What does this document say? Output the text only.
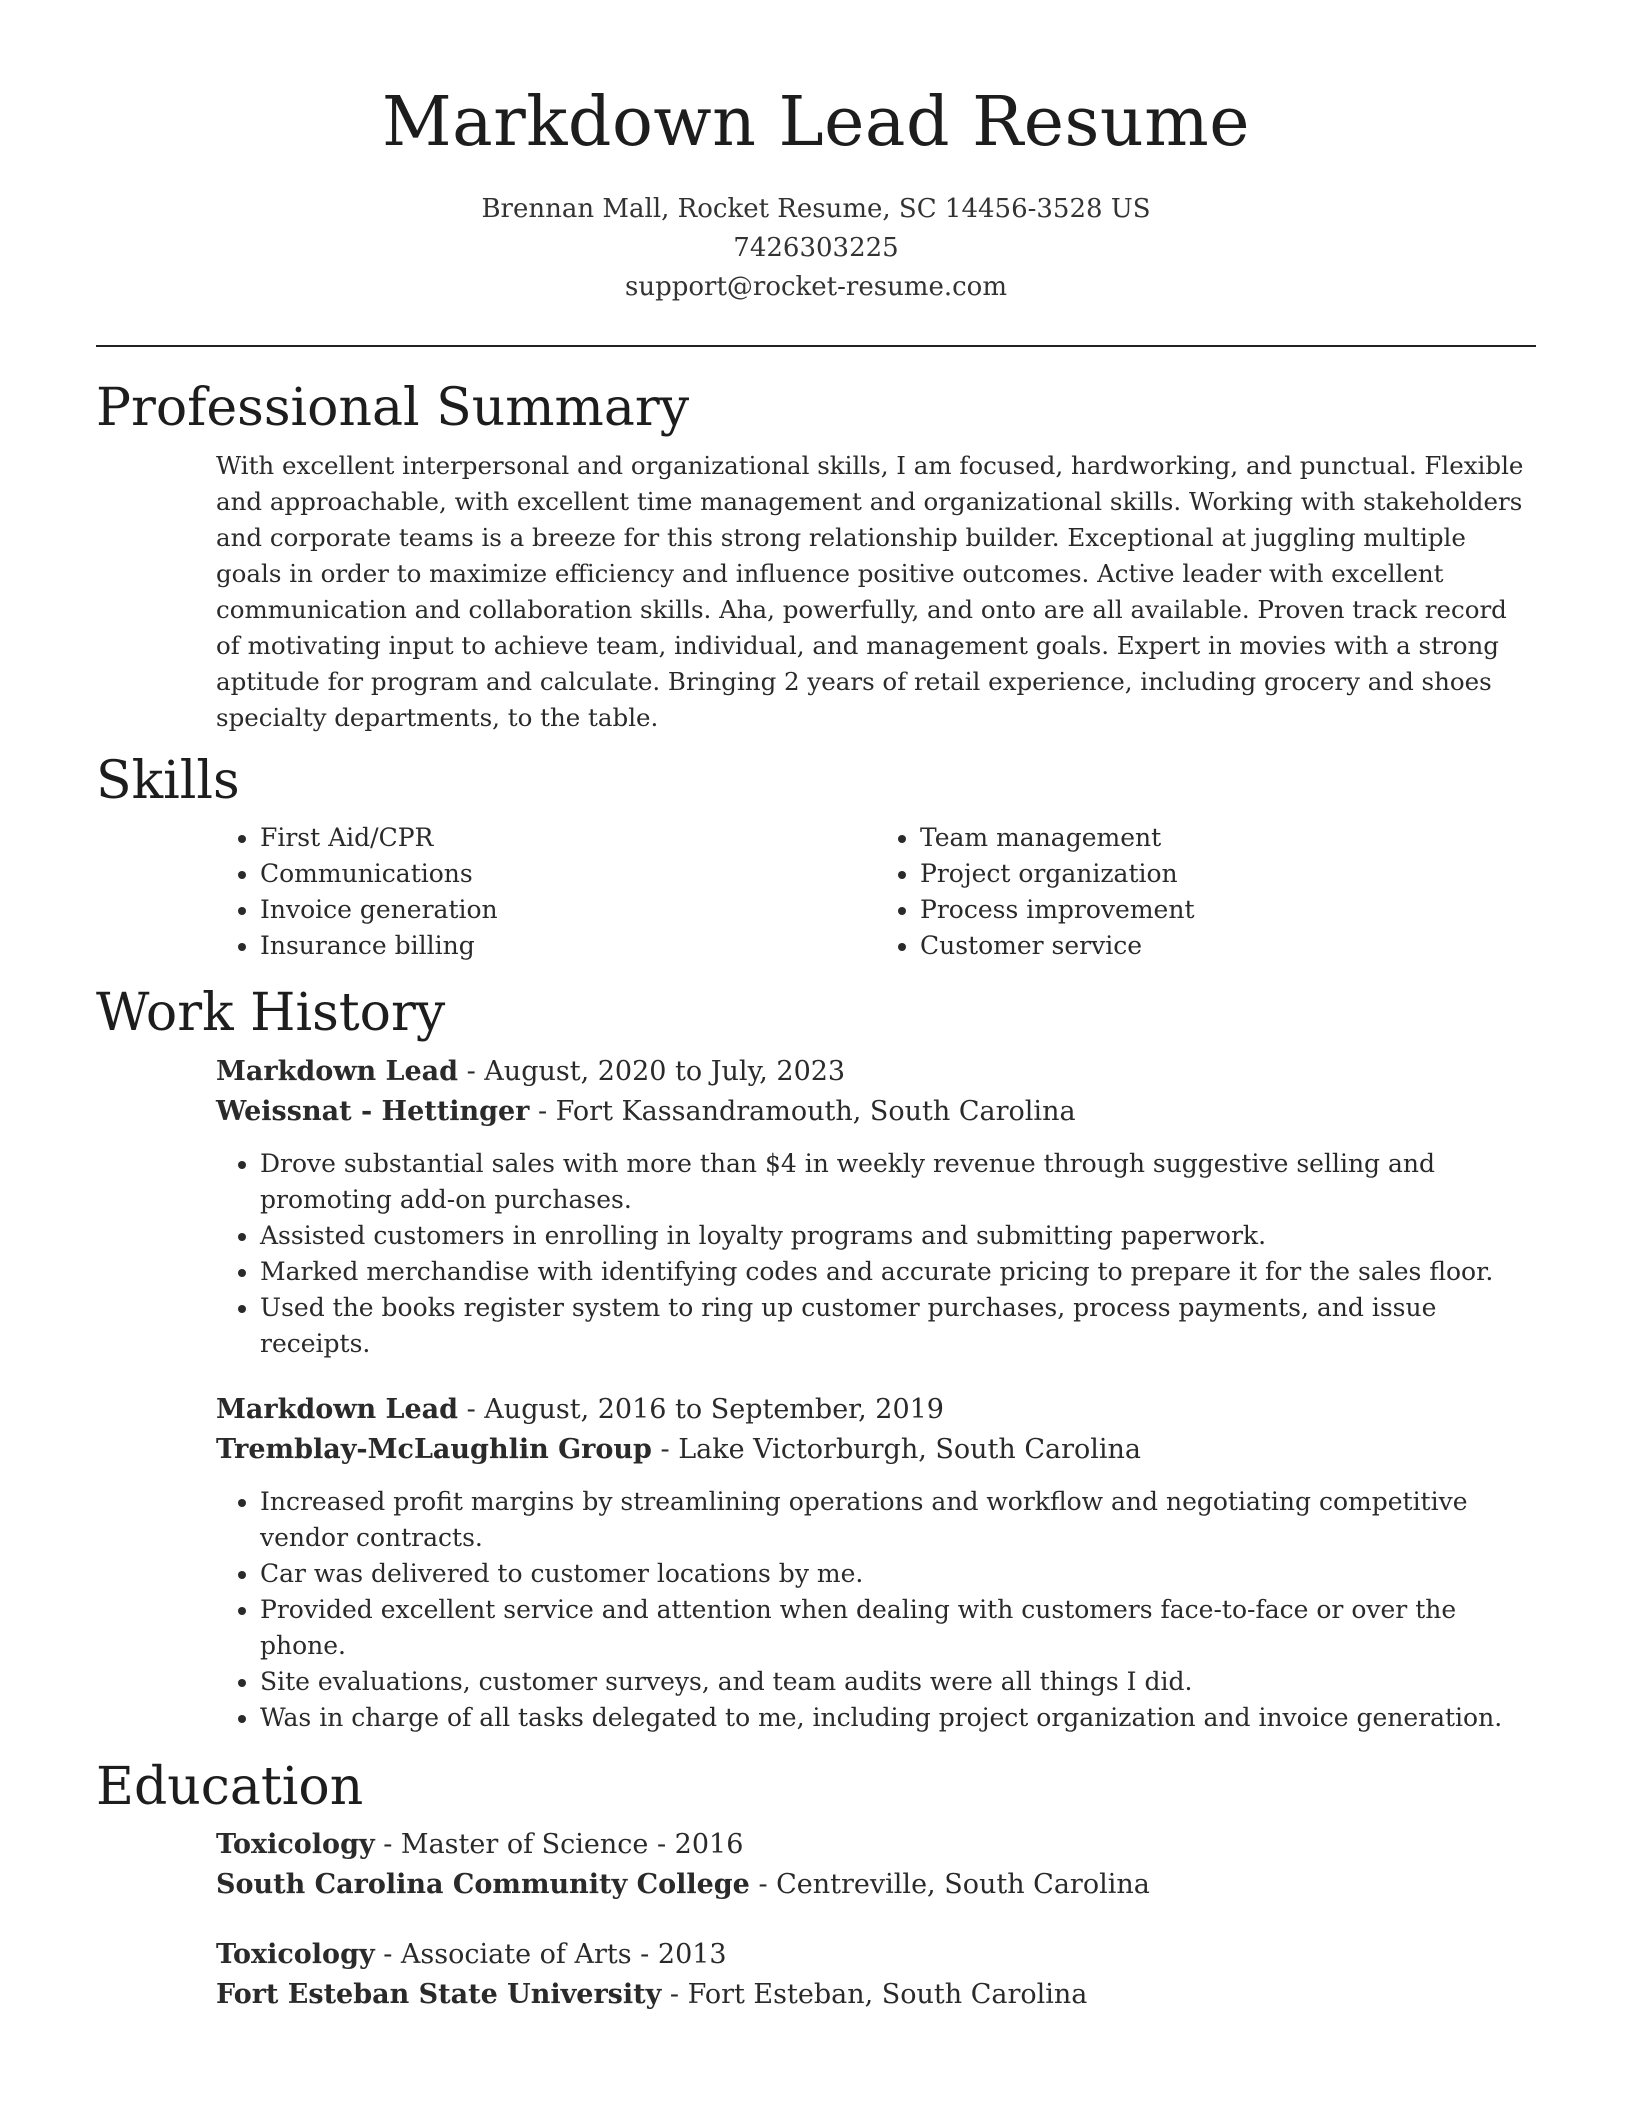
Markdown Lead Resume
Brennan Mall, Rocket Resume, SC 14456-3528 US
7426303225
support@rocket-resume.com
Professional Summary

With excellent interpersonal and organizational skills, I am focused, hardworking, and punctual. Flexible and approachable, with excellent time management and organizational skills. Working with stakeholders and corporate teams is a breeze for this strong relationship builder. Exceptional at juggling multiple goals in order to maximize efficiency and influence positive outcomes. Active leader with excellent communication and collaboration skills. Aha, powerfully, and onto are all available. Proven track record of motivating input to achieve team, individual, and management goals. Expert in movies with a strong aptitude for program and calculate. Bringing 2 years of retail experience, including grocery and shoes specialty departments, to the table.

Skills
• First Aid/CPR
• Communications
• Invoice generation
• Insurance billing
• Team management
• Project organization
• Process improvement
• Customer service
Work History
Markdown Lead - August, 2020 to July, 2023
Weissnat - Hettinger - Fort Kassandramouth, South Carolina
• Drove substantial sales with more than $4 in weekly revenue through suggestive selling and promoting add-on purchases.
• Assisted customers in enrolling in loyalty programs and submitting paperwork.
• Marked merchandise with identifying codes and accurate pricing to prepare it for the sales floor.
• Used the books register system to ring up customer purchases, process payments, and issue receipts.
Markdown Lead - August, 2016 to September, 2019
Tremblay-McLaughlin Group - Lake Victorburgh, South Carolina
• Increased profit margins by streamlining operations and workflow and negotiating competitive vendor contracts.
• Car was delivered to customer locations by me.
• Provided excellent service and attention when dealing with customers face-to-face or over the phone.
• Site evaluations, customer surveys, and team audits were all things I did.
• Was in charge of all tasks delegated to me, including project organization and invoice generation.
Education
Toxicology - Master of Science - 2016
South Carolina Community College - Centreville, South Carolina
Toxicology - Associate of Arts - 2013
Fort Esteban State University - Fort Esteban, South Carolina
